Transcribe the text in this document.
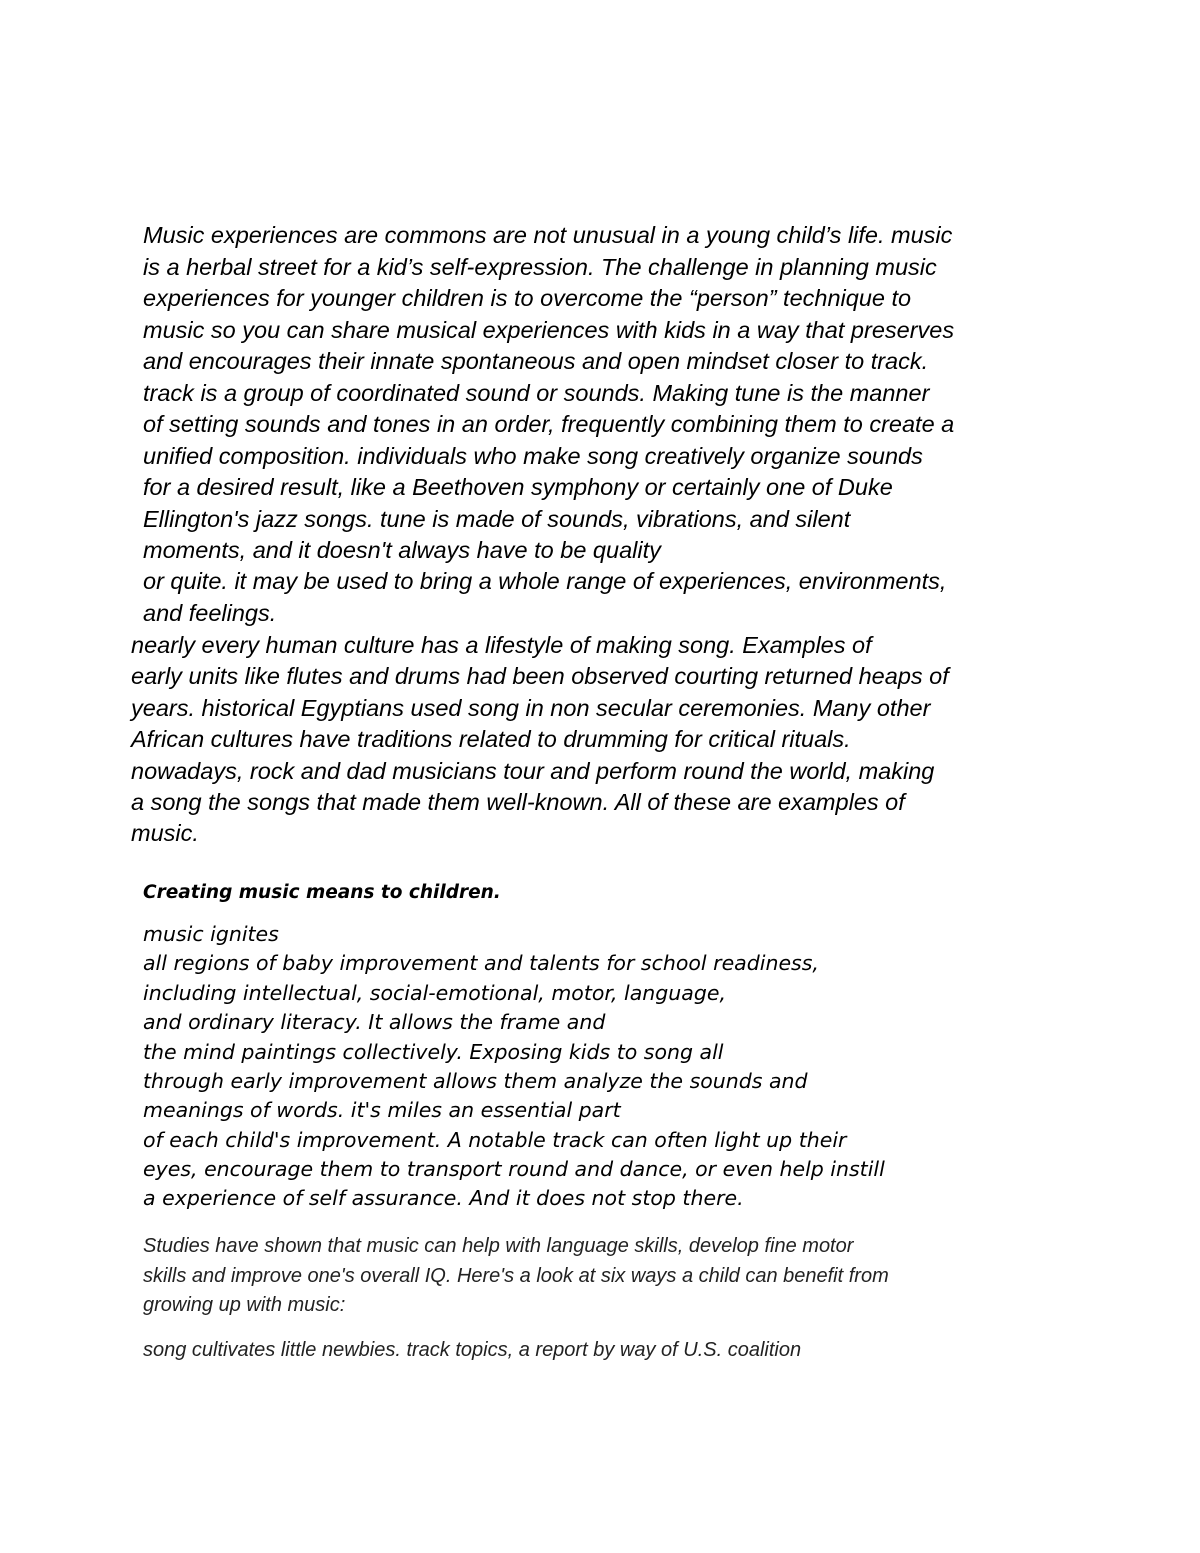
Music experiences are commons are not unusual in a young child’s life. music

is a herbal street for a kid’s self-expression. The challenge in planning music

experiences for younger children is to overcome the “person” technique to

music so you can share musical experiences with kids in a way that preserves

and encourages their innate spontaneous and open mindset closer to track.

track is a group of coordinated sound or sounds. Making tune is the manner

of setting sounds and tones in an order, frequently combining them to create a

unified composition. individuals who make song creatively organize sounds

for a desired result, like a Beethoven symphony or certainly one of Duke

Ellington's jazz songs. tune is made of sounds, vibrations, and silent

moments, and it doesn't always have to be quality

or quite. it may be used to bring a whole range of experiences, environments,

and feelings.

nearly every human culture has a lifestyle of making song. Examples of

early units like flutes and drums had been observed courting returned heaps of

years. historical Egyptians used song in non secular ceremonies. Many other

African cultures have traditions related to drumming for critical rituals.

nowadays, rock and dad musicians tour and perform round the world, making

a song the songs that made them well-known. All of these are examples of

music.

Creating music means to children.

music ignites

all regions of baby improvement and talents for school readiness,

including intellectual, social-emotional, motor, language,

and ordinary literacy. It allows the frame and

the mind paintings collectively. Exposing kids to song all

through early improvement allows them analyze the sounds and

meanings of words. it's miles an essential part

of each child's improvement. A notable track can often light up their

eyes, encourage them to transport round and dance, or even help instill

a experience of self assurance. And it does not stop there.

Studies have shown that music can help with language skills, develop fine motor

skills and improve one's overall IQ. Here's a look at six ways a child can benefit from

growing up with music:

song cultivates little newbies. track topics, a report by way of U.S. coalition
